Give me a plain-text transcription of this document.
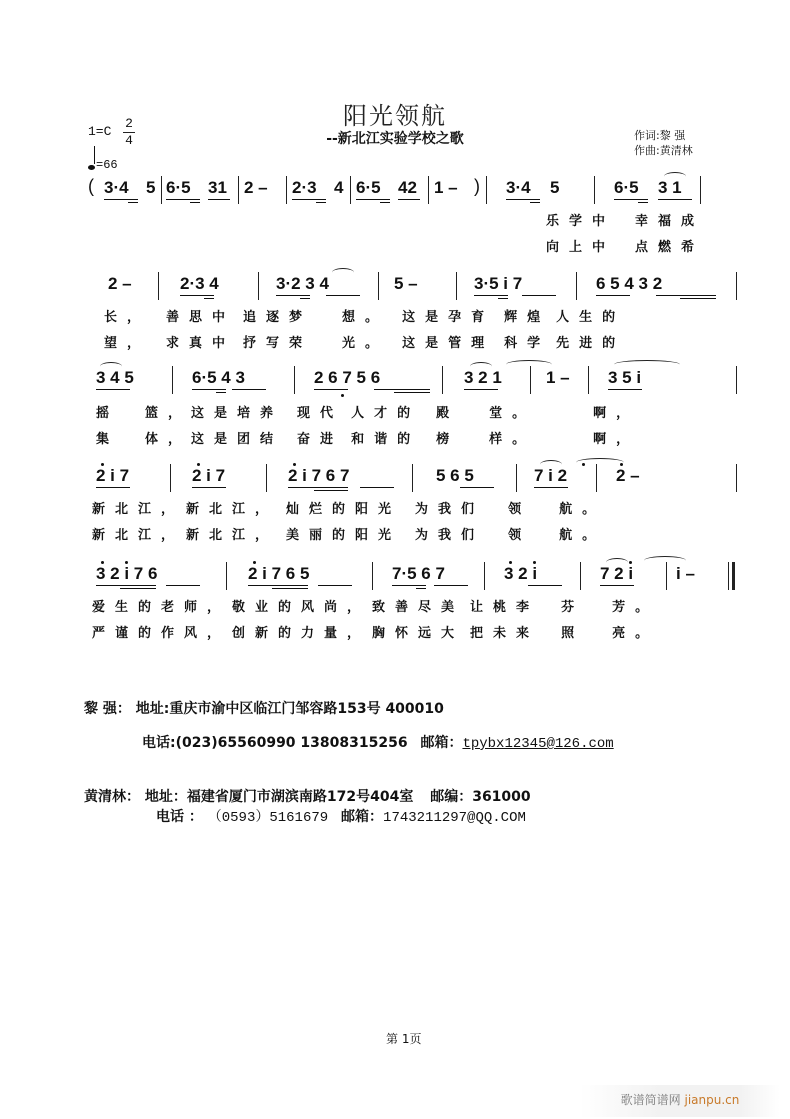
阳光领航
--新北江实验学校之歌
1=C
2
4
=66
作词:黎 强
作曲:黄清林
( 3·4 5 6·5 31 2 – 2·3 4 6·5 42 1 – ) 3·4 5	6·5 3 1
乐学中 幸福成
向上中 点燃希
2 –	2·3 4	3·2 3 4	5 –	3·5 i 7	6 5 4 3 2
长， 善思中 追逐梦 想。 这是孕育 辉煌 人生的
望， 求真中 抒写荣 光。 这是管理 科学 先进的
3 4 5	6·5 4 3	2 6 7 5 6	3 2 1	1 – 3 5 i
摇 篮，这是培养 现代 人才的 殿 堂。	啊，
集 体，这是团结 奋进 和谐的 榜 样。	啊，
2 i 7	2 i 7	2 i 7 6 7	5 6 5	7 i 2	2 –
新北江， 新北江， 灿烂的阳光 为我们 领 航。
新北江， 新北江， 美丽的阳光 为我们 领 航。
3 2 i 7 6	2 i 7 6 5	7·5 6 7	3 2 i	7 2 i	i –
爱生的老师， 敬业的风尚， 致善尽美 让桃李 芬 芳。
严谨的作风， 创新的力量， 胸怀远大 把未来 照 亮。
黎 强： 地址:重庆市渝中区临江门邹容路153号 400010
电话:(023)65560990 13808315256 邮箱：tpybx12345@126.com
黄清林： 地址：福建省厦门市湖滨南路172号404室 邮编：361000
电话 ： （0593）5161679 邮箱：1743211297@QQ.COM
第 1页
歌谱简谱网 jianpu.cn
